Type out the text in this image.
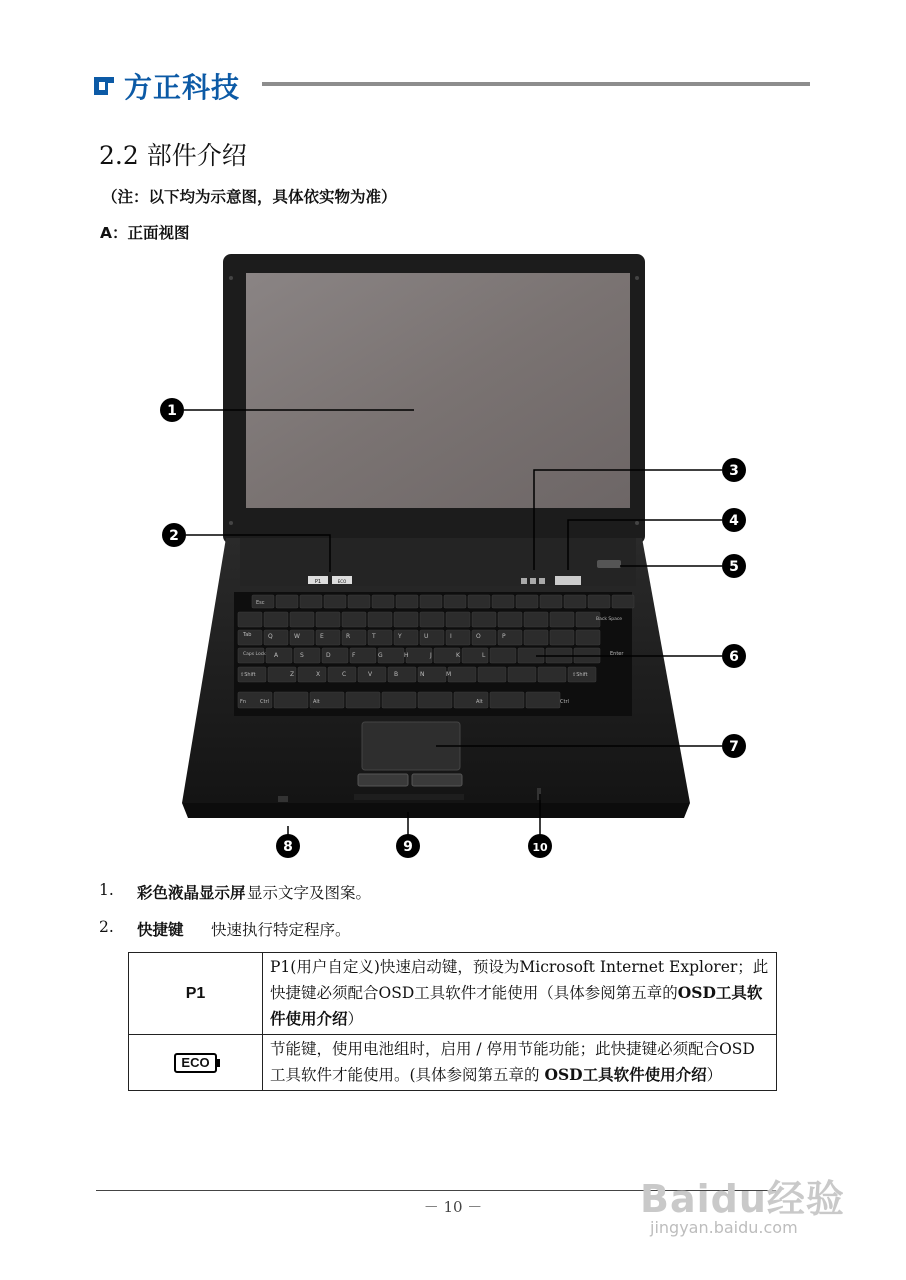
方正科技
2.2 部件介绍
（注：以下均为示意图，具体依实物为准）
A：正面视图
P1	ECO
Esc
Back Space
Tab
Caps Lock
⇧Shift	⇧Shift
Enter
Fn	Ctrl	Alt	Alt	Ctrl
Q	W	E	R	T	Y	U	I	O	P
A	S	D	F	G	H	J	K	L
Z	X	C	V	B	N	M
1
2
3
4
5
6
7
8	9	10
1. 彩色液晶显示屏 显示文字及图案。
2. 快捷键 快速执行特定程序。
P1	P1(用户自定义)快速启动键，预设为Microsoft Internet Explorer；此快捷键必须配合OSD工具软件才能使用（具体参阅第五章的OSD工具软件使用介绍）
ECO	节能键，使用电池组时，启用 / 停用节能功能；此快捷键必须配合OSD工具软件才能使用。(具体参阅第五章的 OSD工具软件使用介绍）
－ 10 －	Baidu经验
jingyan.baidu.com
